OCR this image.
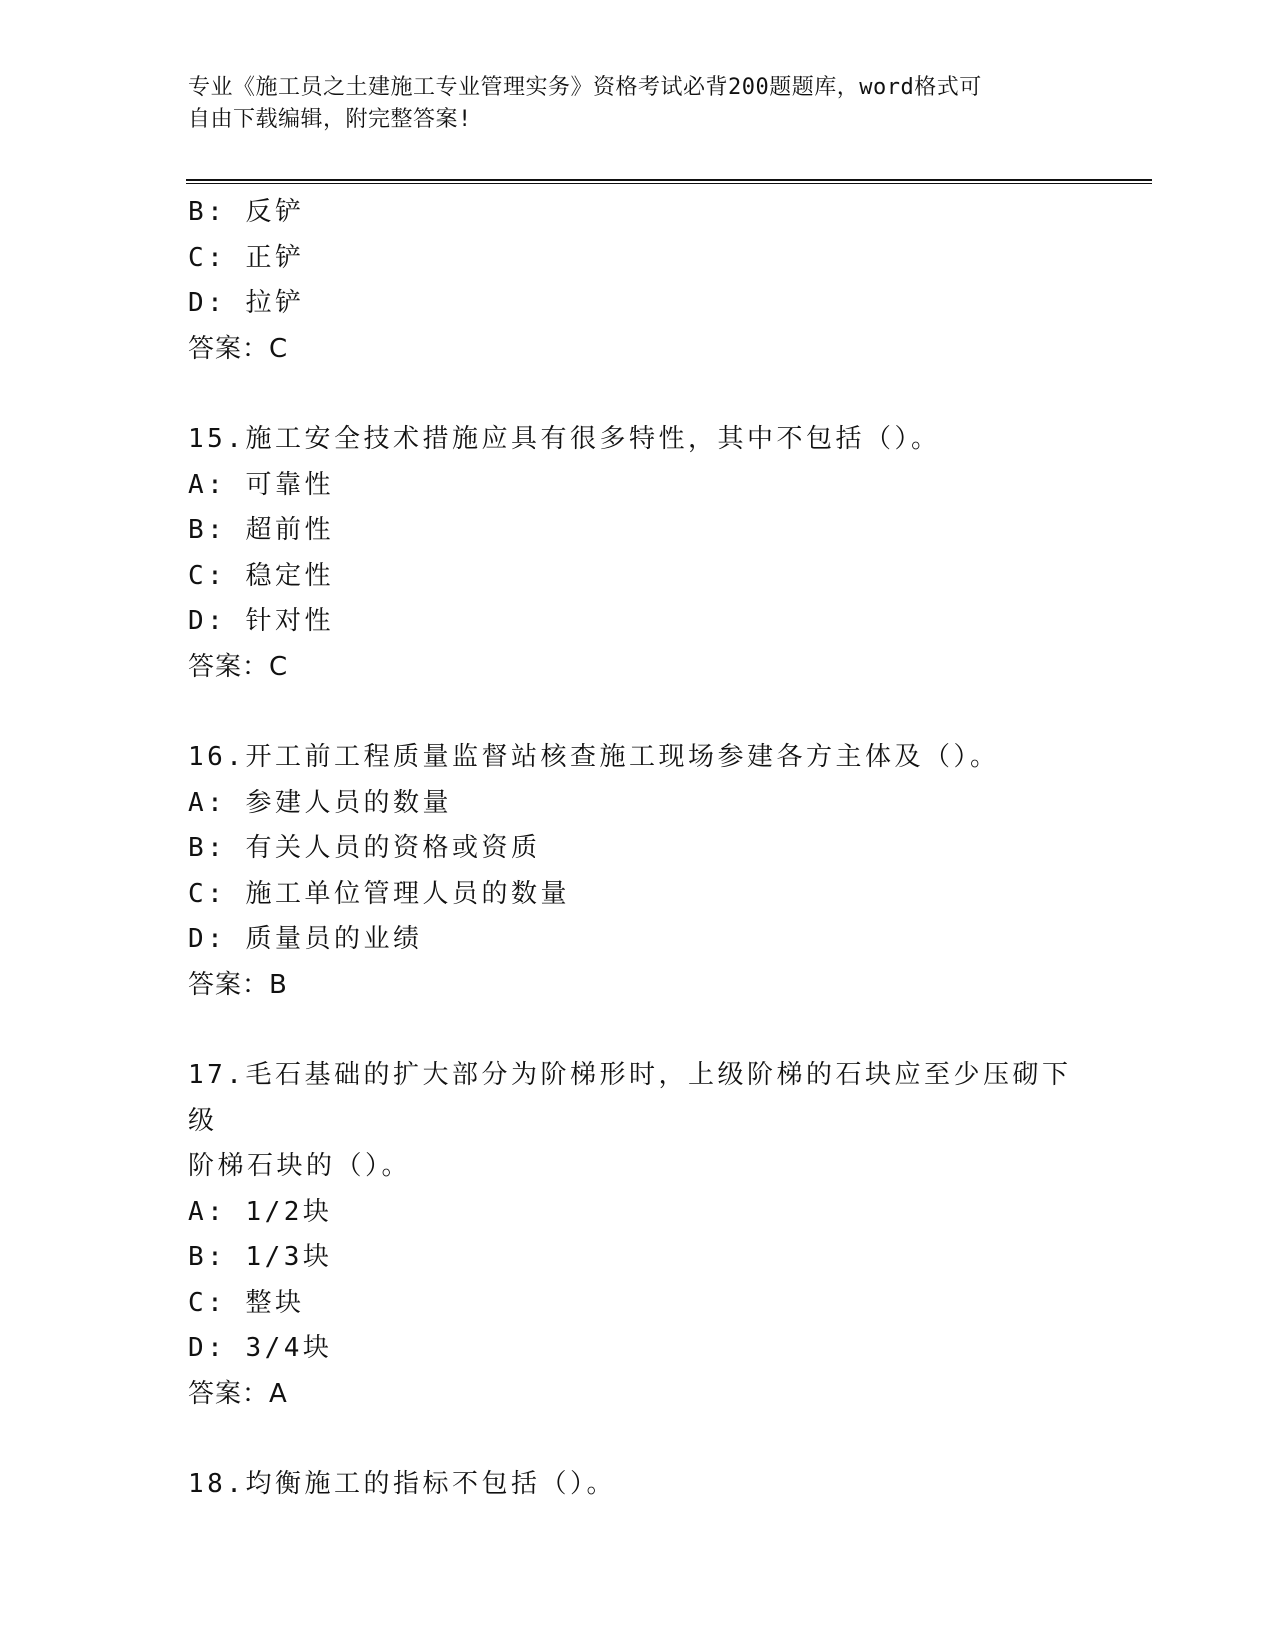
专业《施工员之土建施工专业管理实务》资格考试必背200题题库，word格式可
自由下载编辑，附完整答案!
B: 反铲
C: 正铲
D: 拉铲
答案：C
15.施工安全技术措施应具有很多特性，其中不包括（）。
A: 可靠性
B: 超前性
C: 稳定性
D: 针对性
答案：C
16.开工前工程质量监督站核查施工现场参建各方主体及（）。
A: 参建人员的数量
B: 有关人员的资格或资质
C: 施工单位管理人员的数量
D: 质量员的业绩
答案：B
17.毛石基础的扩大部分为阶梯形时，上级阶梯的石块应至少压砌下级
阶梯石块的（）。
A: 1/2块
B: 1/3块
C: 整块
D: 3/4块
答案：A
18.均衡施工的指标不包括（）。
